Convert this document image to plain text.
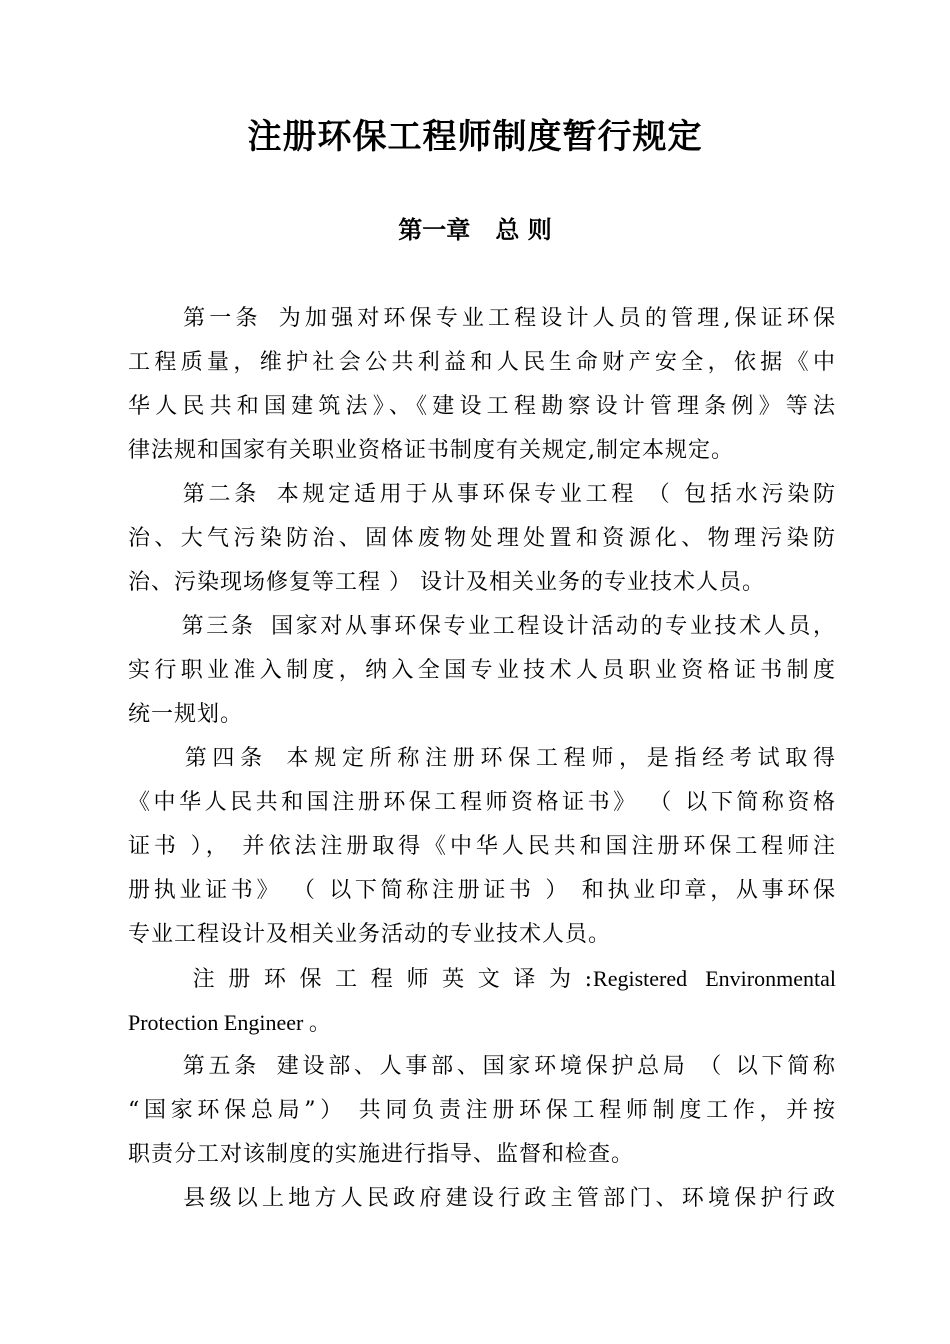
注册环保工程师制度暂行规定
第一章 总 则
第一条 为加强对环保专业工程设计人员的管理,保证环保
工程质量，维护社会公共利益和人民生命财产安全，依据《中
华人民共和国建筑法》、《建设工程勘察设计管理条例》等法
律法规和国家有关职业资格证书制度有关规定,制定本规定。
第二条 本规定适用于从事环保专业工程 （ 包括水污染防
治、大气污染防治、固体废物处理处置和资源化、物理污染防
治、污染现场修复等工程 ） 设计及相关业务的专业技术人员。
第三条 国家对从事环保专业工程设计活动的专业技术人员，
实行职业准入制度，纳入全国专业技术人员职业资格证书制度
统一规划。
第四条 本规定所称注册环保工程师，是指经考试取得
《中华人民共和国注册环保工程师资格证书》 （ 以下简称资格
证书 ）， 并依法注册取得《中华人民共和国注册环保工程师注
册执业证书》 （ 以下简称注册证书 ） 和执业印章，从事环保
专业工程设计及相关业务活动的专业技术人员。
注册环保工程师英文译为:Registered Environmental
Protection Engineer 。
第五条 建设部、人事部、国家环境保护总局 （ 以下简称
“国家环保总局”） 共同负责注册环保工程师制度工作，并按
职责分工对该制度的实施进行指导、监督和检查。
县级以上地方人民政府建设行政主管部门、环境保护行政
